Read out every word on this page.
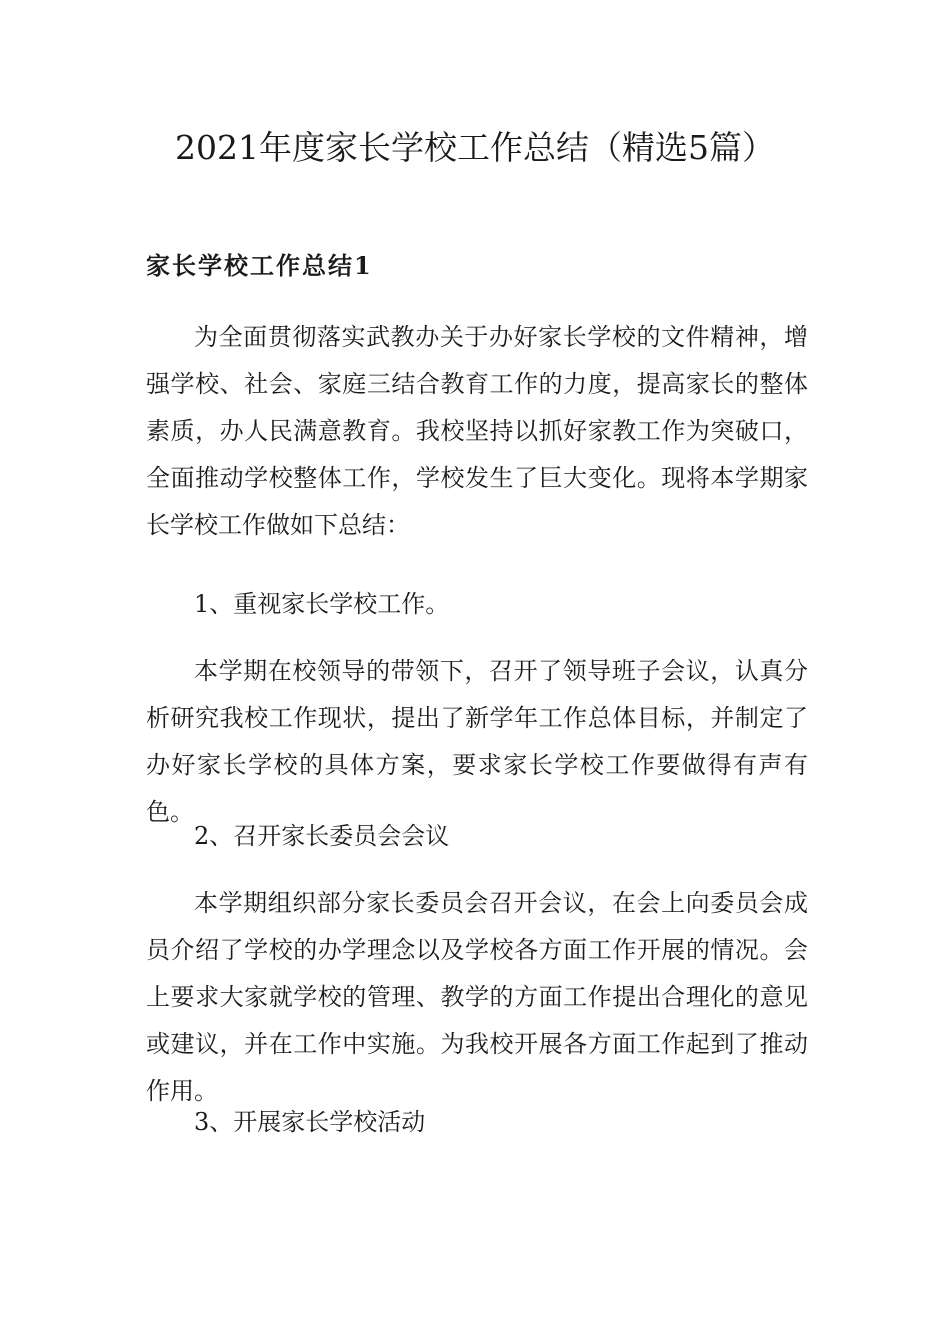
2021年度家长学校工作总结（精选5篇）
家长学校工作总结1

为全面贯彻落实武教办关于办好家长学校的文件精神，增强学校、社会、家庭三结合教育工作的力度，提高家长的整体素质，办人民满意教育。我校坚持以抓好家教工作为突破口，全面推动学校整体工作，学校发生了巨大变化。现将本学期家长学校工作做如下总结：

1、重视家长学校工作。

本学期在校领导的带领下，召开了领导班子会议，认真分析研究我校工作现状，提出了新学年工作总体目标，并制定了办好家长学校的具体方案，要求家长学校工作要做得有声有色。

2、召开家长委员会会议

本学期组织部分家长委员会召开会议，在会上向委员会成员介绍了学校的办学理念以及学校各方面工作开展的情况。会上要求大家就学校的管理、教学的方面工作提出合理化的意见或建议，并在工作中实施。为我校开展各方面工作起到了推动作用。

3、开展家长学校活动
